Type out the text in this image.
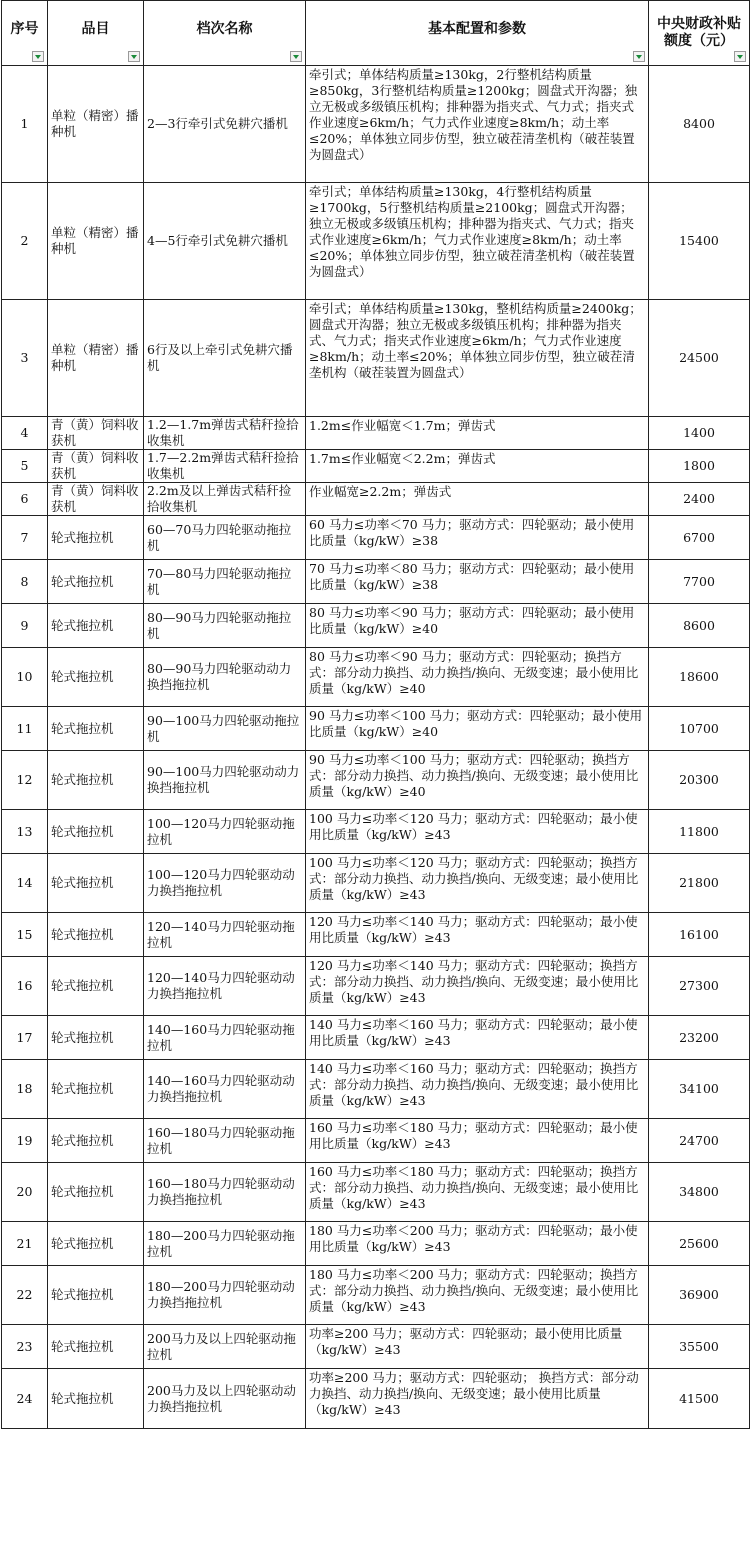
序号	品目	档次名称	基本配置和参数	中央财政补贴额度（元）

1	单粒（精密）播种机	2—3行牵引式免耕穴播机	牵引式；单体结构质量≥130kg，2行整机结构质量≥850kg，3行整机结构质量≥1200kg；圆盘式开沟器；独立无极或多级镇压机构；排种器为指夹式、气力式；指夹式作业速度≥6km/h；气力式作业速度≥8km/h；动土率≤20%；单体独立同步仿型，独立破茬清垄机构（破茬装置为圆盘式）	8400
2	单粒（精密）播种机	4—5行牵引式免耕穴播机	牵引式；单体结构质量≥130kg，4行整机结构质量≥1700kg，5行整机结构质量≥2100kg；圆盘式开沟器；独立无极或多级镇压机构；排种器为指夹式、气力式；指夹式作业速度≥6km/h；气力式作业速度≥8km/h；动土率≤20%；单体独立同步仿型，独立破茬清垄机构（破茬装置为圆盘式）	15400
3	单粒（精密）播种机	6行及以上牵引式免耕穴播机	牵引式；单体结构质量≥130kg，整机结构质量≥2400kg；圆盘式开沟器；独立无极或多级镇压机构；排种器为指夹式、气力式；指夹式作业速度≥6km/h；气力式作业速度≥8km/h；动土率≤20%；单体独立同步仿型，独立破茬清垄机构（破茬装置为圆盘式）	24500
4	青（黄）饲料收获机	1.2—1.7m弹齿式秸秆捡拾收集机	1.2m≤作业幅宽＜1.7m；弹齿式	1400
5	青（黄）饲料收获机	1.7—2.2m弹齿式秸秆捡拾收集机	1.7m≤作业幅宽＜2.2m；弹齿式	1800
6	青（黄）饲料收获机	2.2m及以上弹齿式秸秆捡拾收集机	作业幅宽≥2.2m；弹齿式	2400
7	轮式拖拉机	60—70马力四轮驱动拖拉机	60 马力≤功率＜70 马力；驱动方式：四轮驱动；最小使用比质量（kg/kW）≥38	6700
8	轮式拖拉机	70—80马力四轮驱动拖拉机	70 马力≤功率＜80 马力；驱动方式：四轮驱动；最小使用比质量（kg/kW）≥38	7700
9	轮式拖拉机	80—90马力四轮驱动拖拉机	80 马力≤功率＜90 马力；驱动方式：四轮驱动；最小使用比质量（kg/kW）≥40	8600
10	轮式拖拉机	80—90马力四轮驱动动力换挡拖拉机	80 马力≤功率＜90 马力；驱动方式：四轮驱动；换挡方式：部分动力换挡、动力换挡/换向、无级变速；最小使用比质量（kg/kW）≥40	18600
11	轮式拖拉机	90—100马力四轮驱动拖拉机	90 马力≤功率＜100 马力；驱动方式：四轮驱动；最小使用比质量（kg/kW）≥40	10700
12	轮式拖拉机	90—100马力四轮驱动动力换挡拖拉机	90 马力≤功率＜100 马力；驱动方式：四轮驱动；换挡方式：部分动力换挡、动力换挡/换向、无级变速；最小使用比质量（kg/kW）≥40	20300
13	轮式拖拉机	100—120马力四轮驱动拖拉机	100 马力≤功率＜120 马力；驱动方式：四轮驱动；最小使用比质量（kg/kW）≥43	11800
14	轮式拖拉机	100—120马力四轮驱动动力换挡拖拉机	100 马力≤功率＜120 马力；驱动方式：四轮驱动；换挡方式：部分动力换挡、动力换挡/换向、无级变速；最小使用比质量（kg/kW）≥43	21800
15	轮式拖拉机	120—140马力四轮驱动拖拉机	120 马力≤功率＜140 马力；驱动方式：四轮驱动；最小使用比质量（kg/kW）≥43	16100
16	轮式拖拉机	120—140马力四轮驱动动力换挡拖拉机	120 马力≤功率＜140 马力；驱动方式：四轮驱动；换挡方式：部分动力换挡、动力换挡/换向、无级变速；最小使用比质量（kg/kW）≥43	27300
17	轮式拖拉机	140—160马力四轮驱动拖拉机	140 马力≤功率＜160 马力；驱动方式：四轮驱动；最小使用比质量（kg/kW）≥43	23200
18	轮式拖拉机	140—160马力四轮驱动动力换挡拖拉机	140 马力≤功率＜160 马力；驱动方式：四轮驱动；换挡方式：部分动力换挡、动力换挡/换向、无级变速；最小使用比质量（kg/kW）≥43	34100
19	轮式拖拉机	160—180马力四轮驱动拖拉机	160 马力≤功率＜180 马力；驱动方式：四轮驱动；最小使用比质量（kg/kW）≥43	24700
20	轮式拖拉机	160—180马力四轮驱动动力换挡拖拉机	160 马力≤功率＜180 马力；驱动方式：四轮驱动；换挡方式：部分动力换挡、动力换挡/换向、无级变速；最小使用比质量（kg/kW）≥43	34800
21	轮式拖拉机	180—200马力四轮驱动拖拉机	180 马力≤功率＜200 马力；驱动方式：四轮驱动；最小使用比质量（kg/kW）≥43	25600
22	轮式拖拉机	180—200马力四轮驱动动力换挡拖拉机	180 马力≤功率＜200 马力；驱动方式：四轮驱动；换挡方式：部分动力换挡、动力换挡/换向、无级变速；最小使用比质量（kg/kW）≥43	36900
23	轮式拖拉机	200马力及以上四轮驱动拖拉机	功率≥200 马力；驱动方式：四轮驱动；最小使用比质量（kg/kW）≥43	35500
24	轮式拖拉机	200马力及以上四轮驱动动力换挡拖拉机	功率≥200 马力；驱动方式：四轮驱动； 换挡方式：部分动力换挡、动力换挡/换向、无级变速；最小使用比质量（kg/kW）≥43	41500
